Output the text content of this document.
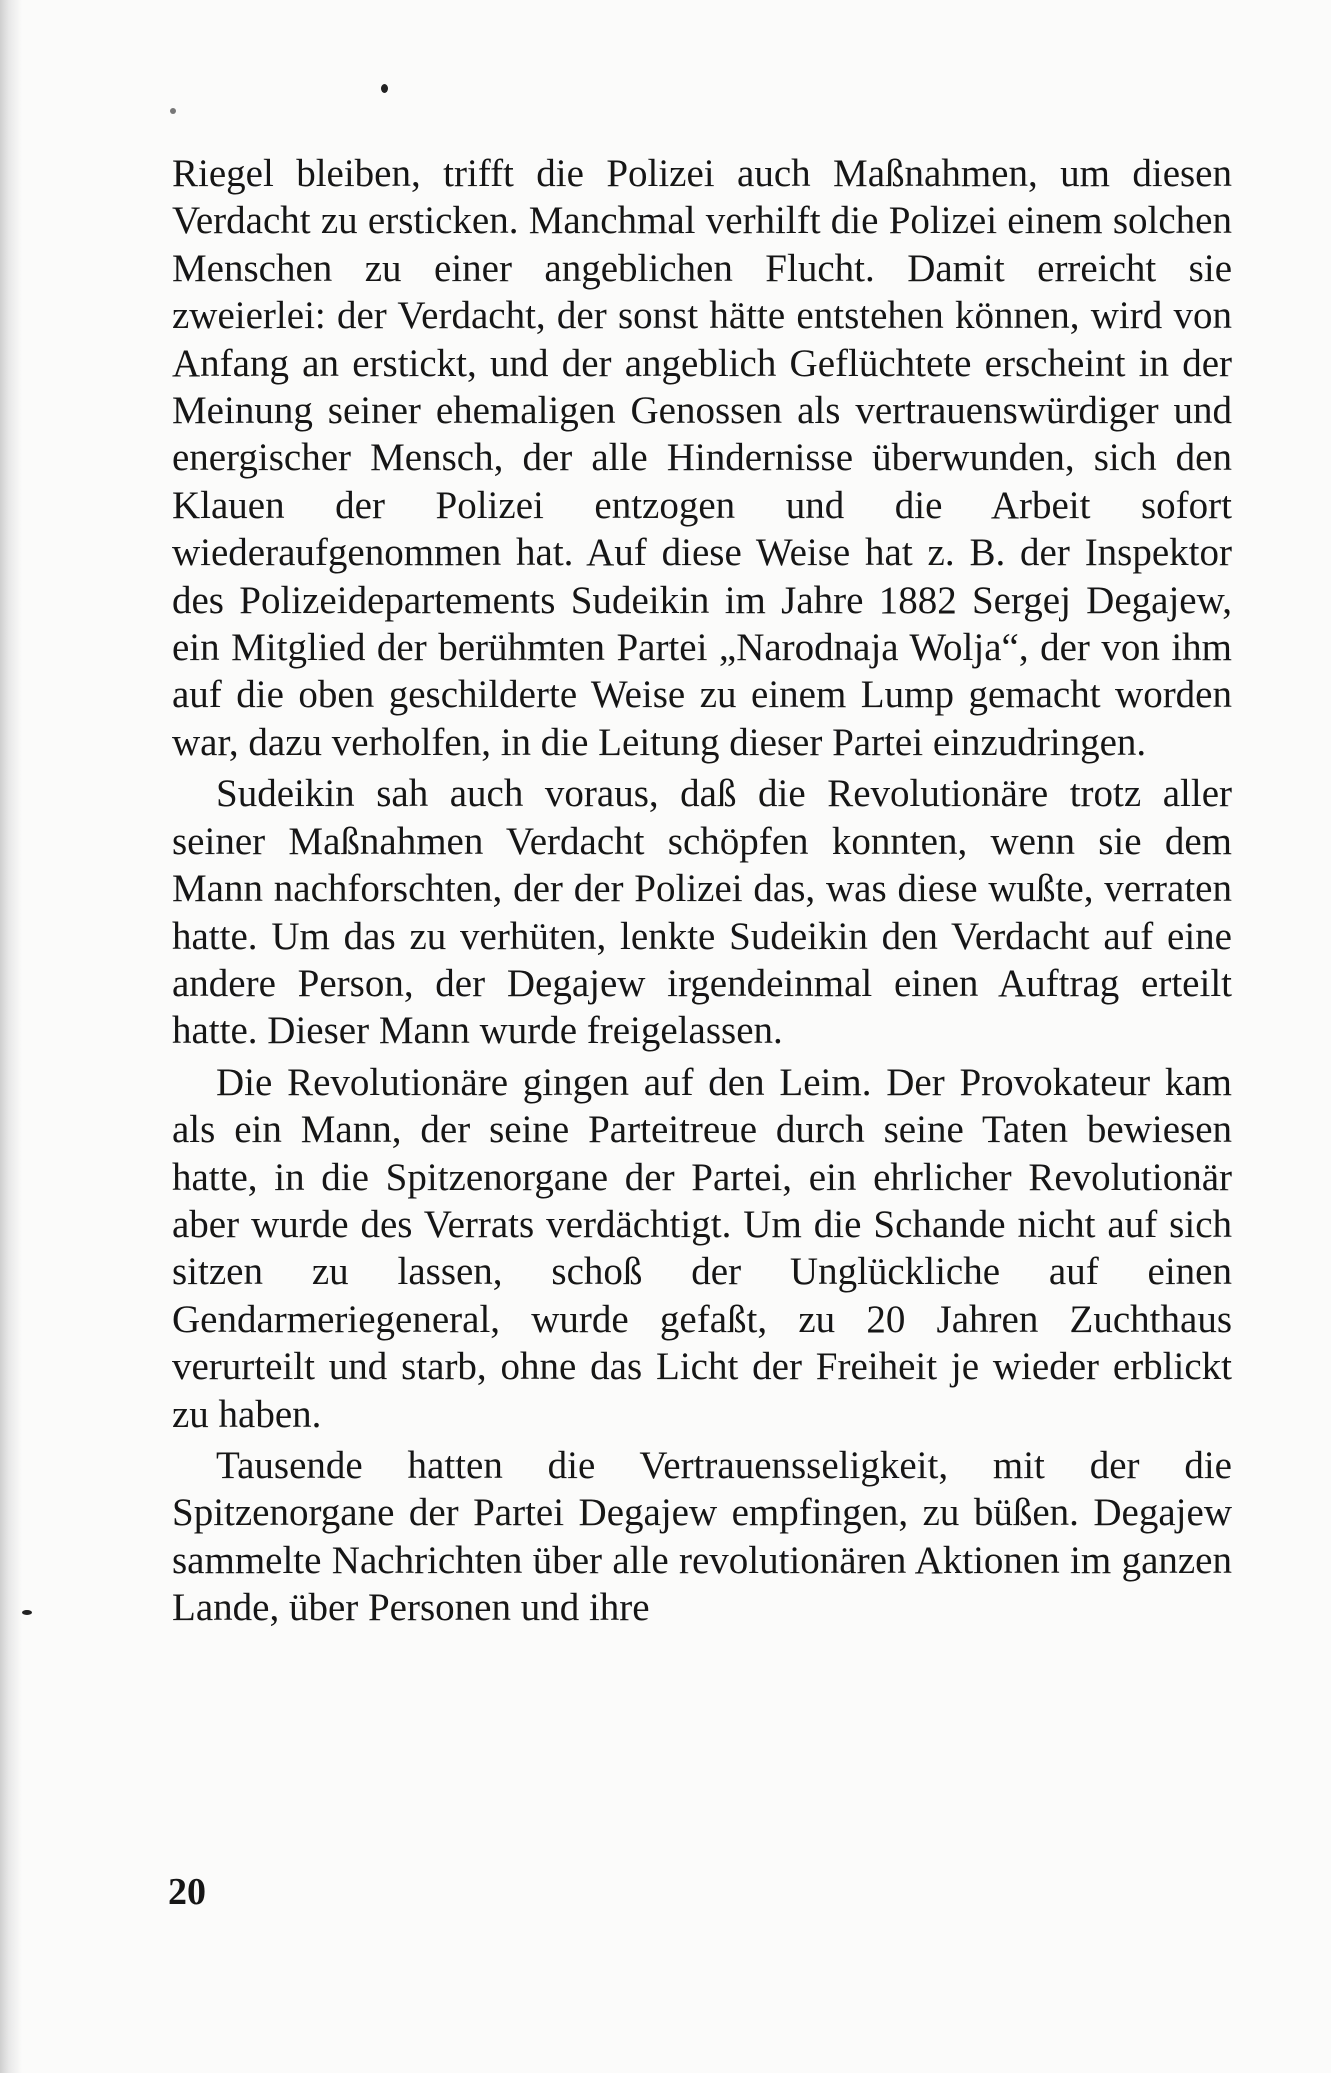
Riegel bleiben, trifft die Polizei auch Maßnahmen, um diesen Verdacht zu ersticken. Manchmal verhilft die Polizei einem solchen Menschen zu einer angeblichen Flucht. Damit erreicht sie zweierlei: der Verdacht, der sonst hätte entstehen können, wird von Anfang an erstickt, und der angeblich Geflüchtete erscheint in der Meinung seiner ehemaligen Genossen als vertrauenswürdiger und energischer Mensch, der alle Hindernisse überwunden, sich den Klauen der Polizei entzogen und die Arbeit sofort wiederaufgenommen hat. Auf diese Weise hat z. B. der Inspektor des Polizeidepartements Sudeikin im Jahre 1882 Sergej Degajew, ein Mitglied der berühmten Partei „Narodnaja Wolja“, der von ihm auf die oben geschilderte Weise zu einem Lump gemacht worden war, dazu verholfen, in die Leitung dieser Partei einzudringen.

Sudeikin sah auch voraus, daß die Revolutionäre trotz aller seiner Maßnahmen Verdacht schöpfen konnten, wenn sie dem Mann nachforschten, der der Polizei das, was diese wußte, verraten hatte. Um das zu verhüten, lenkte Sudeikin den Verdacht auf eine andere Person, der Degajew irgendeinmal einen Auftrag erteilt hatte. Dieser Mann wurde freigelassen.

Die Revolutionäre gingen auf den Leim. Der Provokateur kam als ein Mann, der seine Parteitreue durch seine Taten bewiesen hatte, in die Spitzenorgane der Partei, ein ehrlicher Revolutionär aber wurde des Verrats verdächtigt. Um die Schande nicht auf sich sitzen zu lassen, schoß der Unglückliche auf einen Gendarmeriegeneral, wurde gefaßt, zu 20 Jahren Zuchthaus verurteilt und starb, ohne das Licht der Freiheit je wieder erblickt zu haben.

Tausende hatten die Vertrauensseligkeit, mit der die Spitzenorgane der Partei Degajew empfingen, zu büßen. Degajew sammelte Nachrichten über alle revolutionären Aktionen im ganzen Lande, über Personen und ihre

20
